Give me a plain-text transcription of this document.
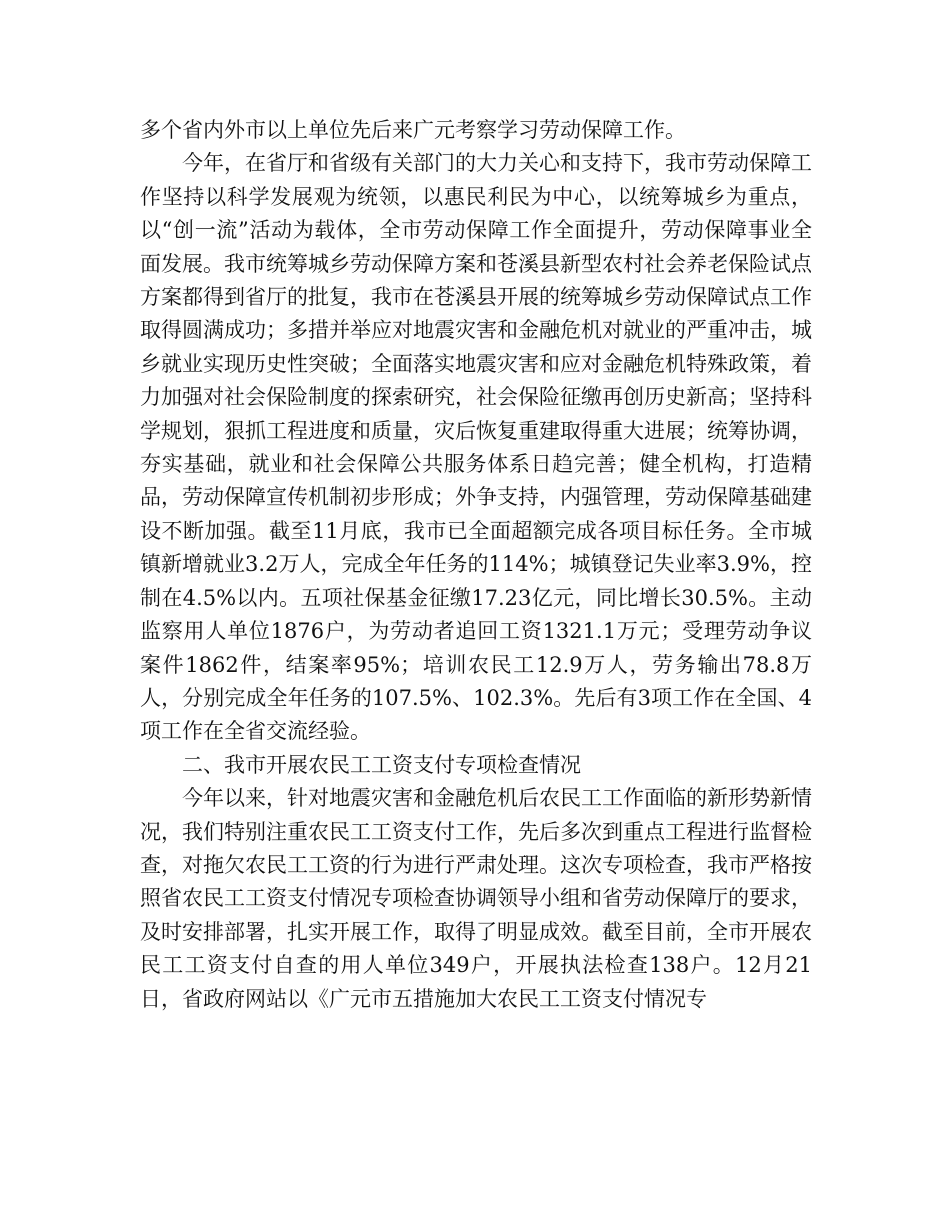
多个省内外市以上单位先后来广元考察学习劳动保障工作。

今年，在省厅和省级有关部门的大力关心和支持下，我市劳动保障工作坚持以科学发展观为统领，以惠民利民为中心，以统筹城乡为重点，以“创一流”活动为载体，全市劳动保障工作全面提升，劳动保障事业全面发展。我市统筹城乡劳动保障方案和苍溪县新型农村社会养老保险试点方案都得到省厅的批复，我市在苍溪县开展的统筹城乡劳动保障试点工作取得圆满成功；多措并举应对地震灾害和金融危机对就业的严重冲击，城乡就业实现历史性突破；全面落实地震灾害和应对金融危机特殊政策，着力加强对社会保险制度的探索研究，社会保险征缴再创历史新高；坚持科学规划，狠抓工程进度和质量，灾后恢复重建取得重大进展；统筹协调，夯实基础，就业和社会保障公共服务体系日趋完善；健全机构，打造精品，劳动保障宣传机制初步形成；外争支持，内强管理，劳动保障基础建设不断加强。截至11月底，我市已全面超额完成各项目标任务。全市城镇新增就业3.2万人，完成全年任务的114%；城镇登记失业率3.9%，控制在4.5%以内。五项社保基金征缴17.23亿元，同比增长30.5%。主动监察用人单位1876户，为劳动者追回工资1321.1万元；受理劳动争议案件1862件，结案率95%；培训农民工12.9万人，劳务输出78.8万人，分别完成全年任务的107.5%、102.3%。先后有3项工作在全国、4项工作在全省交流经验。

二、我市开展农民工工资支付专项检查情况

今年以来，针对地震灾害和金融危机后农民工工作面临的新形势新情况，我们特别注重农民工工资支付工作，先后多次到重点工程进行监督检查，对拖欠农民工工资的行为进行严肃处理。这次专项检查，我市严格按照省农民工工资支付情况专项检查协调领导小组和省劳动保障厅的要求，及时安排部署，扎实开展工作，取得了明显成效。截至目前，全市开展农民工工资支付自查的用人单位349户，开展执法检查138户。12月21日，省政府网站以《广元市五措施加大农民工工资支付情况专
